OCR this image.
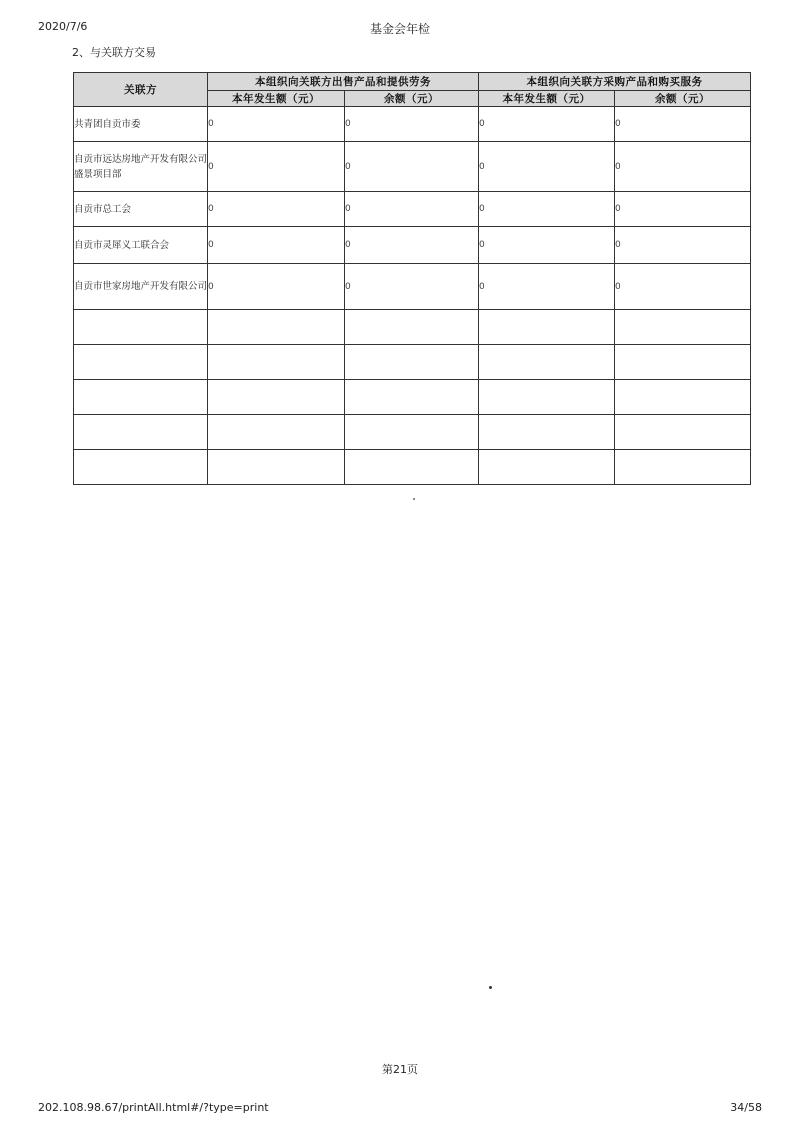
2020/7/6	基金会年检
2、与关联方交易
关联方	本组织向关联方出售产品和提供劳务		本组织向关联方采购产品和购买服务	
	本年发生额（元）	余额（元）	本年发生额（元）	余额（元）
共青团自贡市委	0	0	0	0
自贡市远达房地产开发有限公司盛景项目部	0	0	0	0
自贡市总工会	0	0	0	0
自贡市灵犀义工联合会	0	0	0	0
自贡市世家房地产开发有限公司	0	0	0	0

第21页
202.108.98.67/printAll.html#/?type=print	34/58
